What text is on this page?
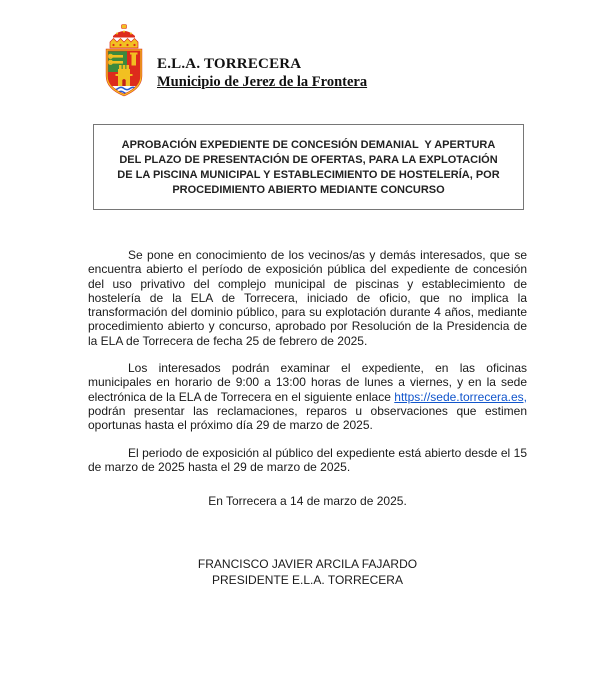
E.L.A. TORRECERA
Municipio de Jerez de la Frontera
APROBACIÓN EXPEDIENTE DE CONCESIÓN DEMANIAL  Y APERTURA
DEL PLAZO DE PRESENTACIÓN DE OFERTAS, PARA LA EXPLOTACIÓN
DE LA PISCINA MUNICIPAL Y ESTABLECIMIENTO DE HOSTELERÍA, POR
PROCEDIMIENTO ABIERTO MEDIANTE CONCURSO

Se pone en conocimiento de los vecinos/as y demás interesados, que se encuentra abierto el período de exposición pública del expediente de concesión del uso privativo del complejo municipal de piscinas y establecimiento de hostelería de la ELA de Torrecera, iniciado de oficio, que no implica la transformación del dominio público, para su explotación durante 4 años, mediante procedimiento abierto y concurso, aprobado por Resolución de la Presidencia de la ELA de Torrecera de fecha 25 de febrero de 2025.

Los interesados podrán examinar el expediente, en las oficinas municipales en horario de 9:00 a 13:00 horas de lunes a viernes, y en la sede electrónica de la ELA de Torrecera en el siguiente enlace https://sede.torrecera.es, podrán presentar las reclamaciones, reparos u observaciones que estimen oportunas hasta el próximo día 29 de marzo de 2025.

El periodo de exposición al público del expediente está abierto desde el 15 de marzo de 2025 hasta el 29 de marzo de 2025.

En Torrecera a 14 de marzo de 2025.

FRANCISCO JAVIER ARCILA FAJARDO
PRESIDENTE E.L.A. TORRECERA
